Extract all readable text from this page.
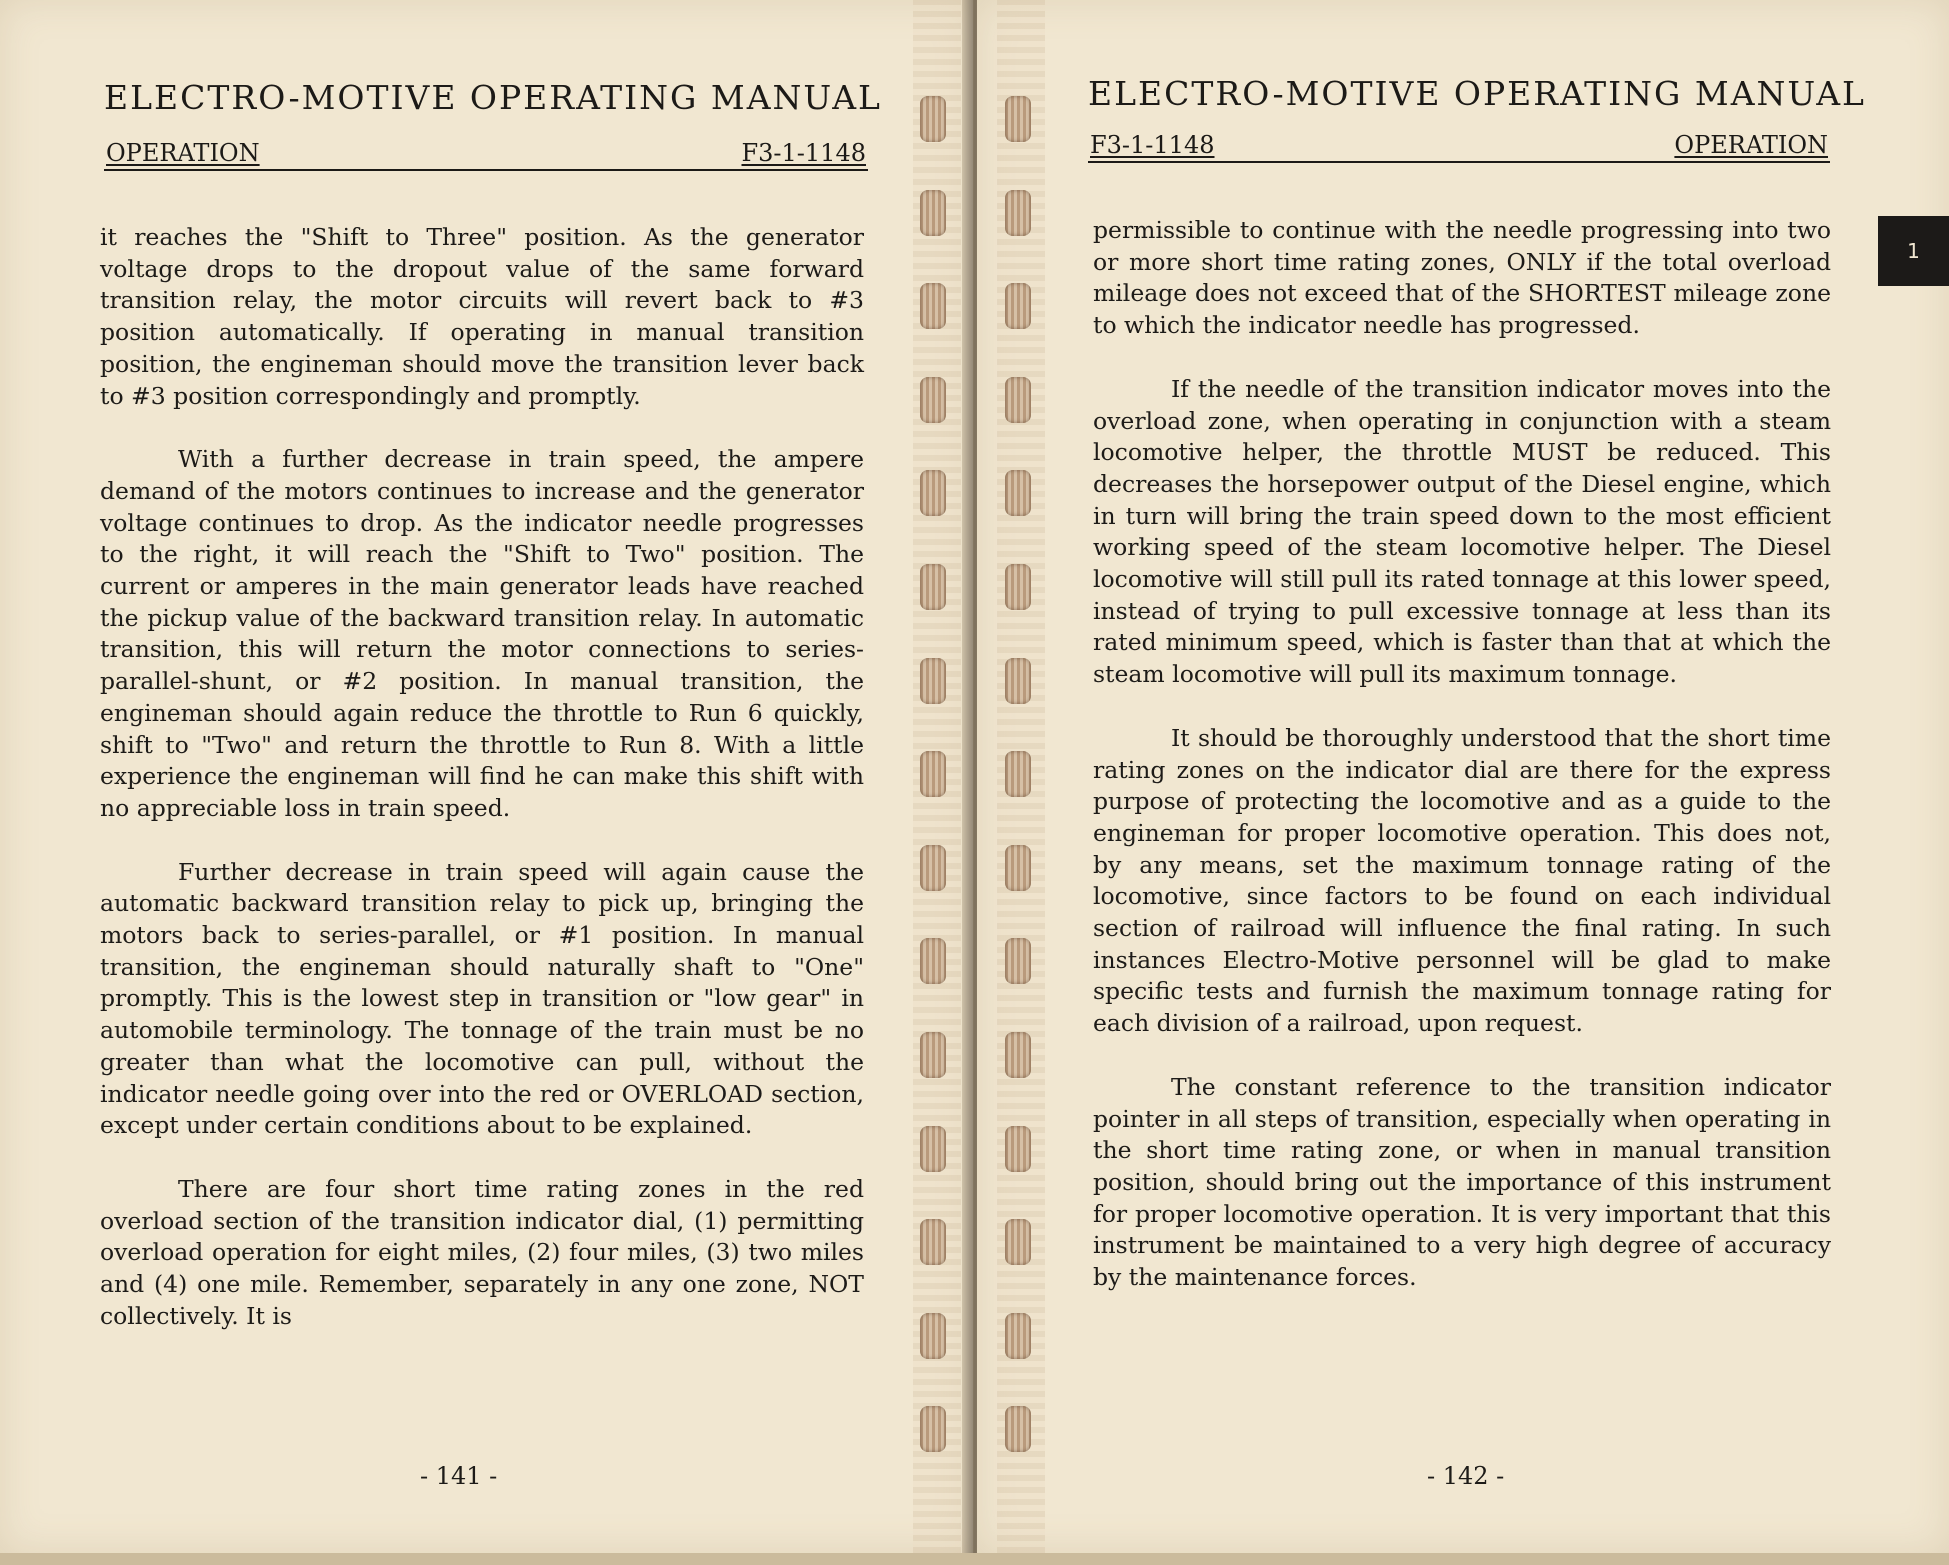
ELECTRO-MOTIVE OPERATING MANUAL
OPERATION	F3-1-1148

it reaches the "Shift to Three" position. As the generator voltage drops to the dropout value of the same forward transition relay, the motor circuits will revert back to #3 position automatically. If operating in manual transition position, the engineman should move the transition lever back to #3 position correspondingly and promptly.

With a further decrease in train speed, the ampere demand of the motors continues to increase and the generator voltage continues to drop. As the indicator needle progresses to the right, it will reach the "Shift to Two" position. The current or amperes in the main generator leads have reached the pickup value of the backward transition relay. In automatic transition, this will return the motor connections to series-parallel-shunt, or #2 position. In manual transition, the engineman should again reduce the throttle to Run 6 quickly, shift to "Two" and return the throttle to Run 8. With a little experience the engineman will find he can make this shift with no appreciable loss in train speed.

Further decrease in train speed will again cause the automatic backward transition relay to pick up, bringing the motors back to series-parallel, or #1 position. In manual transition, the engineman should naturally shaft to "One" promptly. This is the lowest step in transition or "low gear" in automobile terminology. The tonnage of the train must be no greater than what the locomotive can pull, without the indicator needle going over into the red or OVERLOAD section, except under certain conditions about to be explained.

There are four short time rating zones in the red overload section of the transition indicator dial, (1) permitting overload operation for eight miles, (2) four miles, (3) two miles and (4) one mile. Remember, separately in any one zone, NOT collectively. It is

- 141 -
ELECTRO-MOTIVE OPERATING MANUAL
F3-1-1148	OPERATION

permissible to continue with the needle progressing into two or more short time rating zones, ONLY if the total overload mileage does not exceed that of the SHORTEST mileage zone to which the indicator needle has progressed.

If the needle of the transition indicator moves into the overload zone, when operating in conjunction with a steam locomotive helper, the throttle MUST be reduced. This decreases the horsepower output of the Diesel engine, which in turn will bring the train speed down to the most efficient working speed of the steam locomotive helper. The Diesel locomotive will still pull its rated tonnage at this lower speed, instead of trying to pull excessive tonnage at less than its rated minimum speed, which is faster than that at which the steam locomotive will pull its maximum tonnage.

It should be thoroughly understood that the short time rating zones on the indicator dial are there for the express purpose of protecting the locomotive and as a guide to the engineman for proper locomotive operation. This does not, by any means, set the maximum tonnage rating of the locomotive, since factors to be found on each individual section of railroad will influence the final rating. In such instances Electro-Motive personnel will be glad to make specific tests and furnish the maximum tonnage rating for each division of a railroad, upon request.

The constant reference to the transition indicator pointer in all steps of transition, especially when operating in the short time rating zone, or when in manual transition position, should bring out the importance of this instrument for proper locomotive operation. It is very important that this instrument be maintained to a very high degree of accuracy by the maintenance forces.

- 142 -
1
